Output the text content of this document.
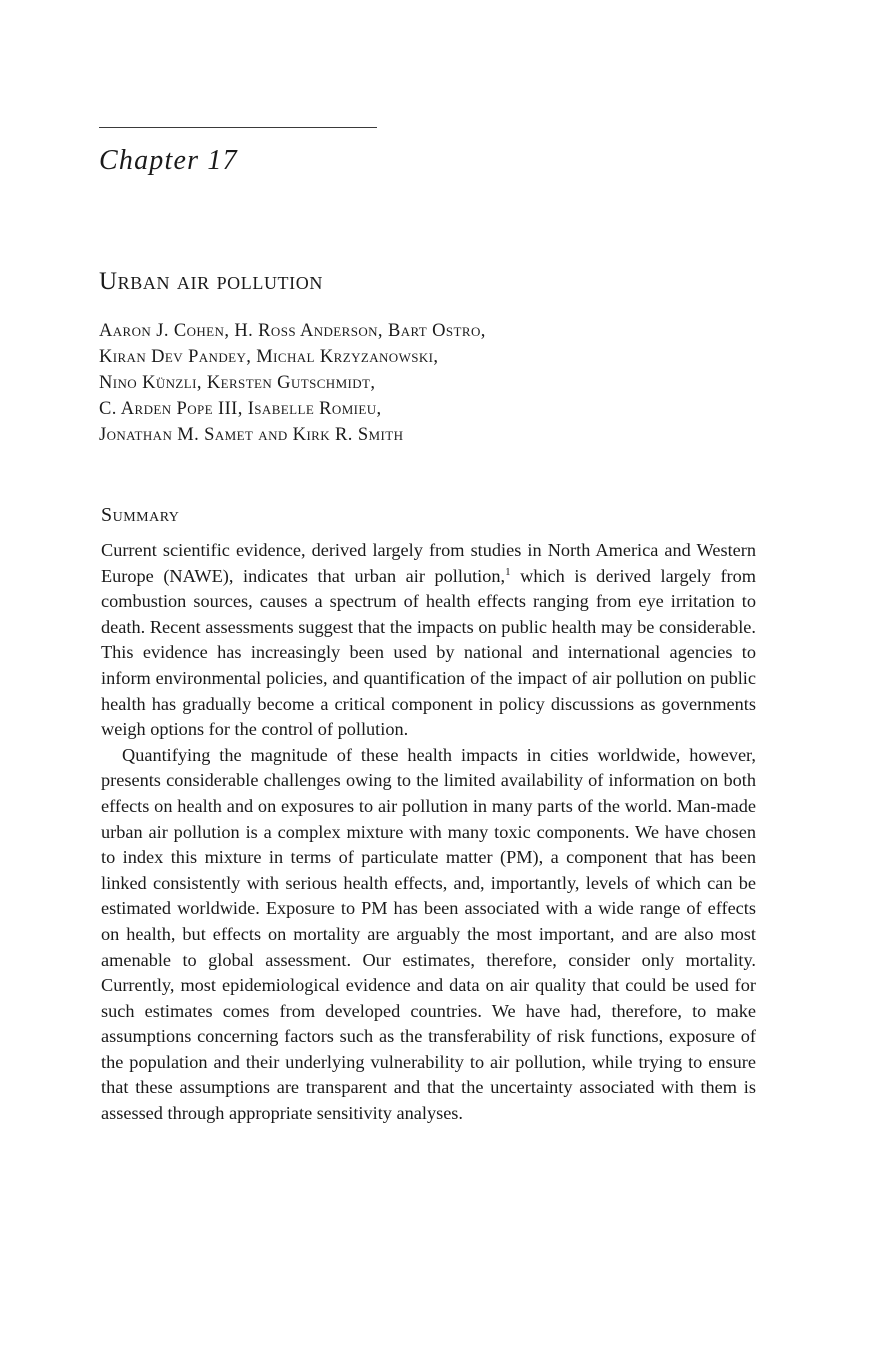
Chapter 17
Urban air pollution
Aaron J. Cohen, H. Ross Anderson, Bart Ostro,
Kiran Dev Pandey, Michal Krzyzanowski,
Nino Künzli, Kersten Gutschmidt,
C. Arden Pope III, Isabelle Romieu,
Jonathan M. Samet and Kirk R. Smith
Summary

Current scientific evidence, derived largely from studies in North America and Western Europe (NAWE), indicates that urban air pollution,$^1$ which is derived largely from combustion sources, causes a spectrum of health effects ranging from eye irritation to death. Recent assessments suggest that the impacts on public health may be considerable. This evidence has increasingly been used by national and international agencies to inform environmental policies, and quantification of the impact of air pollution on public health has gradually become a critical component in policy discussions as governments weigh options for the control of pollution.

Quantifying the magnitude of these health impacts in cities worldwide, however, presents considerable challenges owing to the limited availability of information on both effects on health and on exposures to air pollution in many parts of the world. Man-made urban air pollution is a complex mixture with many toxic components. We have chosen to index this mixture in terms of particulate matter (PM), a component that has been linked consistently with serious health effects, and, importantly, levels of which can be estimated worldwide. Exposure to PM has been associated with a wide range of effects on health, but effects on mortality are arguably the most important, and are also most amenable to global assessment. Our estimates, therefore, consider only mortality. Currently, most epidemiological evidence and data on air quality that could be used for such estimates comes from developed countries. We have had, therefore, to make assumptions concerning factors such as the transferability of risk functions, exposure of the population and their underlying vulnerability to air pollution, while trying to ensure that these assumptions are transparent and that the uncertainty associated with them is assessed through appropriate sensitivity analyses.
